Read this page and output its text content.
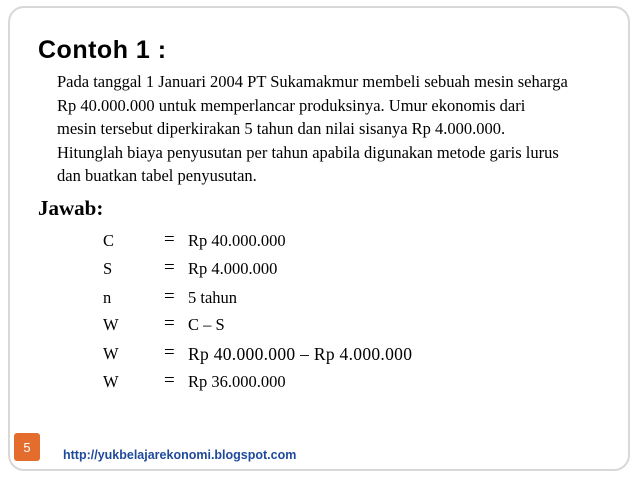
Contoh 1 :
Pada tanggal 1 Januari 2004 PT Sukamakmur membeli sebuah mesin seharga
Rp 40.000.000 untuk memperlancar produksinya. Umur ekonomis dari
mesin tersebut diperkirakan 5 tahun dan nilai sisanya Rp 4.000.000.
Hitunglah biaya penyusutan per tahun apabila digunakan metode garis lurus
dan buatkan tabel penyusutan.
Jawab:
C	= Rp 40.000.000
S	= Rp 4.000.000
n	= 5 tahun
W = C – S
W = Rp 40.000.000 – Rp 4.000.000
W = Rp 36.000.000
5
http://yukbelajarekonomi.blogspot.com
